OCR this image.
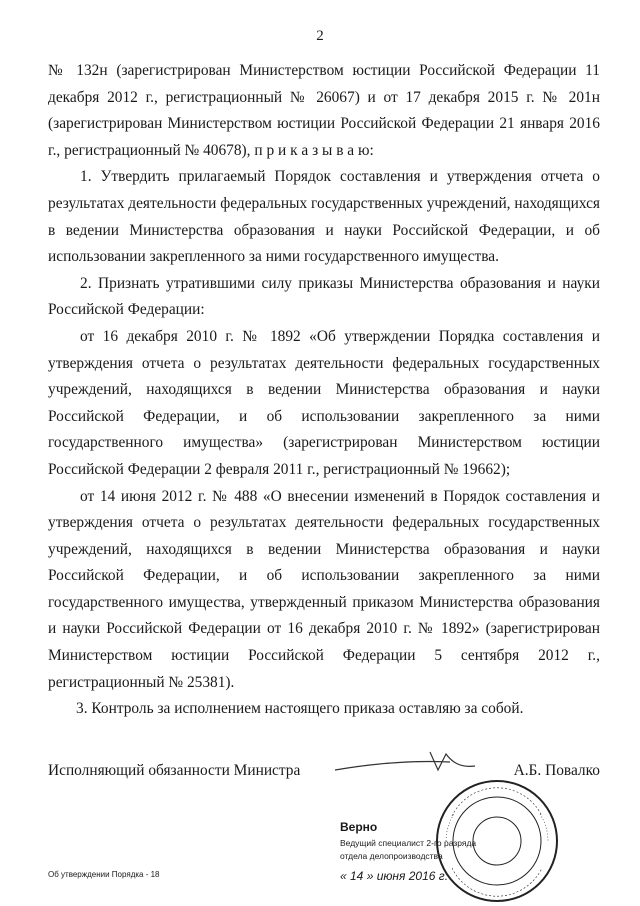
2

№ 132н (зарегистрирован Министерством юстиции Российской Федерации 11 декабря 2012 г., регистрационный № 26067) и от 17 декабря 2015 г. № 201н (зарегистрирован Министерством юстиции Российской Федерации 21 января 2016 г., регистрационный № 40678), п р и к а з ы в а ю:

1. Утвердить прилагаемый Порядок составления и утверждения отчета о результатах деятельности федеральных государственных учреждений, находящихся в ведении Министерства образования и науки Российской Федерации, и об использовании закрепленного за ними государственного имущества.

2. Признать утратившими силу приказы Министерства образования и науки Российской Федерации:

от 16 декабря 2010 г. № 1892 «Об утверждении Порядка составления и утверждения отчета о результатах деятельности федеральных государственных учреждений, находящихся в ведении Министерства образования и науки Российской Федерации, и об использовании закрепленного за ними государственного имущества» (зарегистрирован Министерством юстиции Российской Федерации 2 февраля 2011 г., регистрационный № 19662);

от 14 июня 2012 г. № 488 «О внесении изменений в Порядок составления и утверждения отчета о результатах деятельности федеральных государственных учреждений, находящихся в ведении Министерства образования и науки Российской Федерации, и об использовании закрепленного за ними государственного имущества, утвержденный приказом Министерства образования и науки Российской Федерации от 16 декабря 2010 г. № 1892» (зарегистрирован Министерством юстиции Российской Федерации 5 сентября 2012 г., регистрационный № 25381).

3. Контроль за исполнением настоящего приказа оставляю за собой.

Исполняющий обязанности Министра	А.Б. Повалко
Верно
Ведущий специалист 2-го разряда
отдела делопроизводства
« 14 » июня 2016 г.
Об утверждении Порядка - 18
